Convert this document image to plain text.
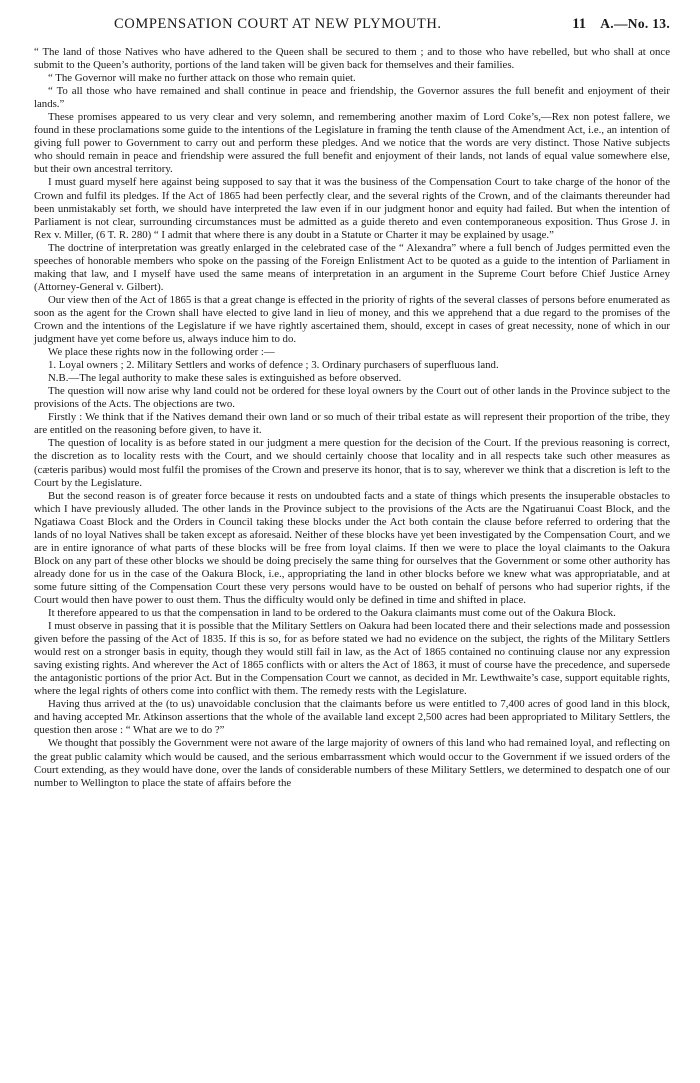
COMPENSATION COURT AT NEW PLYMOUTH.	11 A.—No. 13.

“ The land of those Natives who have adhered to the Queen shall be secured to them ; and to those who have rebelled, but who shall at once submit to the Queen’s authority, portions of the land taken will be given back for themselves and their families.

“ The Governor will make no further attack on those who remain quiet.

“ To all those who have remained and shall continue in peace and friendship, the Governor assures the full benefit and enjoyment of their lands.”

These promises appeared to us very clear and very solemn, and remembering another maxim of Lord Coke’s,—Rex non potest fallere, we found in these proclamations some guide to the intentions of the Legislature in framing the tenth clause of the Amendment Act, i.e., an intention of giving full power to Government to carry out and perform these pledges. And we notice that the words are very distinct. Those Native subjects who should remain in peace and friendship were assured the full benefit and enjoyment of their lands, not lands of equal value somewhere else, but their own ancestral territory.

I must guard myself here against being supposed to say that it was the business of the Compensation Court to take charge of the honor of the Crown and fulfil its pledges. If the Act of 1865 had been perfectly clear, and the several rights of the Crown, and of the claimants thereunder had been unmistakably set forth, we should have interpreted the law even if in our judgment honor and equity had failed. But when the intention of Parliament is not clear, surrounding circumstances must be admitted as a guide thereto and even contemporaneous exposition. Thus Grose J. in Rex v. Miller, (6 T. R. 280) “ I admit that where there is any doubt in a Statute or Charter it may be explained by usage.”

The doctrine of interpretation was greatly enlarged in the celebrated case of the “ Alexandra” where a full bench of Judges permitted even the speeches of honorable members who spoke on the passing of the Foreign Enlistment Act to be quoted as a guide to the intention of Parliament in making that law, and I myself have used the same means of interpretation in an argument in the Supreme Court before Chief Justice Arney (Attorney-General v. Gilbert).

Our view then of the Act of 1865 is that a great change is effected in the priority of rights of the several classes of persons before enumerated as soon as the agent for the Crown shall have elected to give land in lieu of money, and this we apprehend that a due regard to the promises of the Crown and the intentions of the Legislature if we have rightly ascertained them, should, except in cases of great necessity, none of which in our judgment have yet come before us, always induce him to do.

We place these rights now in the following order :—

1. Loyal owners ; 2. Military Settlers and works of defence ; 3. Ordinary purchasers of superfluous land.

N.B.—The legal authority to make these sales is extinguished as before observed.

The question will now arise why land could not be ordered for these loyal owners by the Court out of other lands in the Province subject to the provisions of the Acts. The objections are two.

Firstly : We think that if the Natives demand their own land or so much of their tribal estate as will represent their proportion of the tribe, they are entitled on the reasoning before given, to have it.

The question of locality is as before stated in our judgment a mere question for the decision of the Court. If the previous reasoning is correct, the discretion as to locality rests with the Court, and we should certainly choose that locality and in all respects take such other measures as (cæteris paribus) would most fulfil the promises of the Crown and preserve its honor, that is to say, wherever we think that a discretion is left to the Court by the Legislature.

But the second reason is of greater force because it rests on undoubted facts and a state of things which presents the insuperable obstacles to which I have previously alluded. The other lands in the Province subject to the provisions of the Acts are the Ngatiruanui Coast Block, and the Ngatiawa Coast Block and the Orders in Council taking these blocks under the Act both contain the clause before referred to ordering that the lands of no loyal Natives shall be taken except as aforesaid. Neither of these blocks have yet been investigated by the Compensation Court, and we are in entire ignorance of what parts of these blocks will be free from loyal claims. If then we were to place the loyal claimants to the Oakura Block on any part of these other blocks we should be doing precisely the same thing for ourselves that the Government or some other authority has already done for us in the case of the Oakura Block, i.e., appropriating the land in other blocks before we knew what was appropriatable, and at some future sitting of the Compensation Court these very persons would have to be ousted on behalf of persons who had superior rights, if the Court would then have power to oust them. Thus the difficulty would only be defined in time and shifted in place.

It therefore appeared to us that the compensation in land to be ordered to the Oakura claimants must come out of the Oakura Block.

I must observe in passing that it is possible that the Military Settlers on Oakura had been located there and their selections made and possession given before the passing of the Act of 1835. If this is so, for as before stated we had no evidence on the subject, the rights of the Military Settlers would rest on a stronger basis in equity, though they would still fail in law, as the Act of 1865 contained no continuing clause nor any expression saving existing rights. And wherever the Act of 1865 conflicts with or alters the Act of 1863, it must of course have the precedence, and supersede the antagonistic portions of the prior Act. But in the Compensation Court we cannot, as decided in Mr. Lewthwaite’s case, support equitable rights, where the legal rights of others come into conflict with them. The remedy rests with the Legislature.

Having thus arrived at the (to us) unavoidable conclusion that the claimants before us were entitled to 7,400 acres of good land in this block, and having accepted Mr. Atkinson assertions that the whole of the available land except 2,500 acres had been appropriated to Military Settlers, the question then arose : “ What are we to do ?”

We thought that possibly the Government were not aware of the large majority of owners of this land who had remained loyal, and reflecting on the great public calamity which would be caused, and the serious embarrassment which would occur to the Government if we issued orders of the Court extending, as they would have done, over the lands of considerable numbers of these Military Settlers, we determined to despatch one of our number to Wellington to place the state of affairs before the
